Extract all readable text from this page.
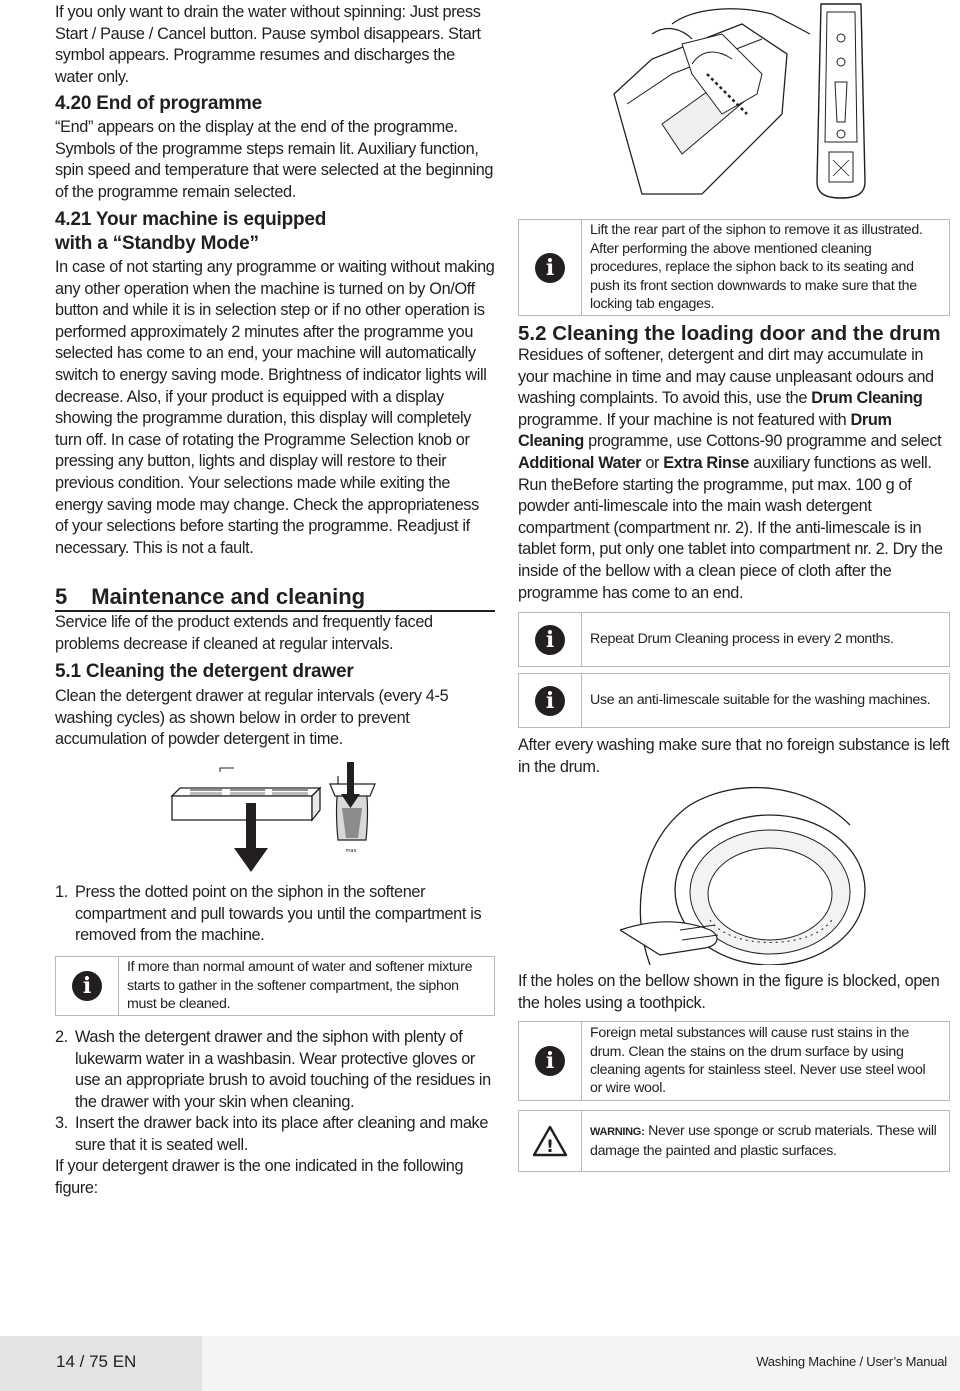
If you only want to drain the water without spinning: Just press Start / Pause / Cancel button. Pause symbol disappears. Start symbol appears. Programme resumes and discharges the water only.

4.20 End of programme

“End” appears on the display at the end of the programme. Symbols of the programme steps remain lit. Auxiliary function, spin speed and temperature that were selected at the beginning of the programme remain selected.

4.21 Your machine is equipped
with a “Standby Mode”

In case of not starting any programme or waiting without making any other operation when the machine is turned on by On/Off button and while it is in selection step or if no other operation is performed approximately 2 minutes after the programme you selected has come to an end, your machine will automatically switch to energy saving mode. Brightness of indicator lights will decrease. Also, if your product is equipped with a display showing the programme duration, this display will completely turn off. In case of rotating the Programme Selection knob or pressing any button, lights and display will restore to their previous condition. Your selections made while exiting the energy saving mode may change. Check the appropriateness of your selections before starting the programme. Readjust if necessary. This is not a fault.

5 Maintenance and cleaning

Service life of the product extends and frequently faced problems decrease if cleaned at regular intervals.

5.1 Cleaning the detergent drawer

Clean the detergent drawer at regular intervals (every 4-5 washing cycles) as shown below in order to prevent accumulation of powder detergent in time.

max
1. Press the dotted point on the siphon in the softener compartment and pull towards you until the compartment is removed from the machine.
i
If more than normal amount of water and softener mixture starts to gather in the softener compartment, the siphon must be cleaned.
2. Wash the detergent drawer and the siphon with plenty of lukewarm water in a washbasin. Wear protective gloves or use an appropriate brush to avoid touching of the residues in the drawer with your skin when cleaning.
3. Insert the drawer back into its place after cleaning and make sure that it is seated well.

If your detergent drawer is the one indicated in the following figure:

i
Lift the rear part of the siphon to remove it as illustrated. After performing the above mentioned cleaning procedures, replace the siphon back to its seating and push its front section downwards to make sure that the locking tab engages.
5.2 Cleaning the loading door and the drum

Residues of softener, detergent and dirt may accumulate in your machine in time and may cause unpleasant odours and washing complaints. To avoid this, use the Drum Cleaning programme. If your machine is not featured with Drum Cleaning programme, use Cottons-90 programme and select Additional Water or Extra Rinse auxiliary functions as well. Run theBefore starting the programme, put max. 100 g of powder anti-limescale into the main wash detergent compartment (compartment nr. 2). If the anti-limescale is in tablet form, put only one tablet into compartment nr. 2. Dry the inside of the bellow with a clean piece of cloth after the programme has come to an end.

i	Repeat Drum Cleaning process in every 2 months.
i	Use an anti-limescale suitable for the washing machines.

After every washing make sure that no foreign substance is left in the drum.

If the holes on the bellow shown in the figure is blocked, open the holes using a toothpick.

i
Foreign metal substances will cause rust stains in the drum. Clean the stains on the drum surface by using cleaning agents for stainless steel. Never use steel wool or wire wool.
!
WARNING: Never use sponge or scrub materials. These will damage the painted and plastic surfaces.
14 / 75 EN	Washing Machine / User’s Manual
